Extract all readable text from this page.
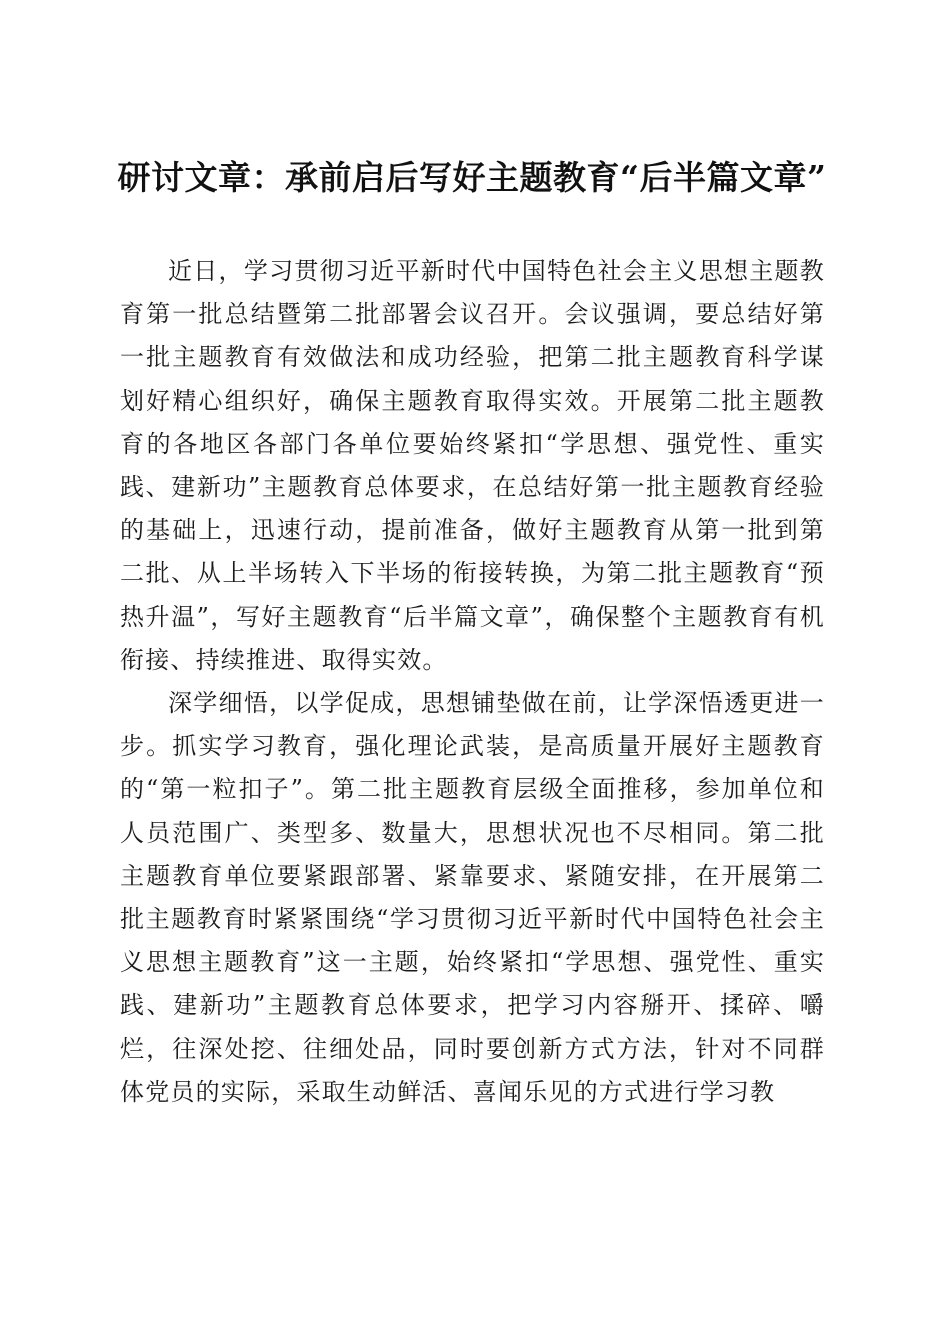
研讨文章：承前启后写好主题教育“后半篇文章”

近日，学习贯彻习近平新时代中国特色社会主义思想主题教育第一批总结暨第二批部署会议召开。会议强调，要总结好第一批主题教育有效做法和成功经验，把第二批主题教育科学谋划好精心组织好，确保主题教育取得实效。开展第二批主题教育的各地区各部门各单位要始终紧扣“学思想、强党性、重实践、建新功”主题教育总体要求，在总结好第一批主题教育经验的基础上，迅速行动，提前准备，做好主题教育从第一批到第二批、从上半场转入下半场的衔接转换，为第二批主题教育“预热升温”，写好主题教育“后半篇文章”，确保整个主题教育有机衔接、持续推进、取得实效。

深学细悟，以学促成，思想铺垫做在前，让学深悟透更进一步。抓实学习教育，强化理论武装，是高质量开展好主题教育的“第一粒扣子”。第二批主题教育层级全面推移，参加单位和人员范围广、类型多、数量大，思想状况也不尽相同。第二批主题教育单位要紧跟部署、紧靠要求、紧随安排，在开展第二批主题教育时紧紧围绕“学习贯彻习近平新时代中国特色社会主义思想主题教育”这一主题，始终紧扣“学思想、强党性、重实践、建新功”主题教育总体要求，把学习内容掰开、揉碎、嚼烂，往深处挖、往细处品，同时要创新方式方法，针对不同群体党员的实际，采取生动鲜活、喜闻乐见的方式进行学习教
